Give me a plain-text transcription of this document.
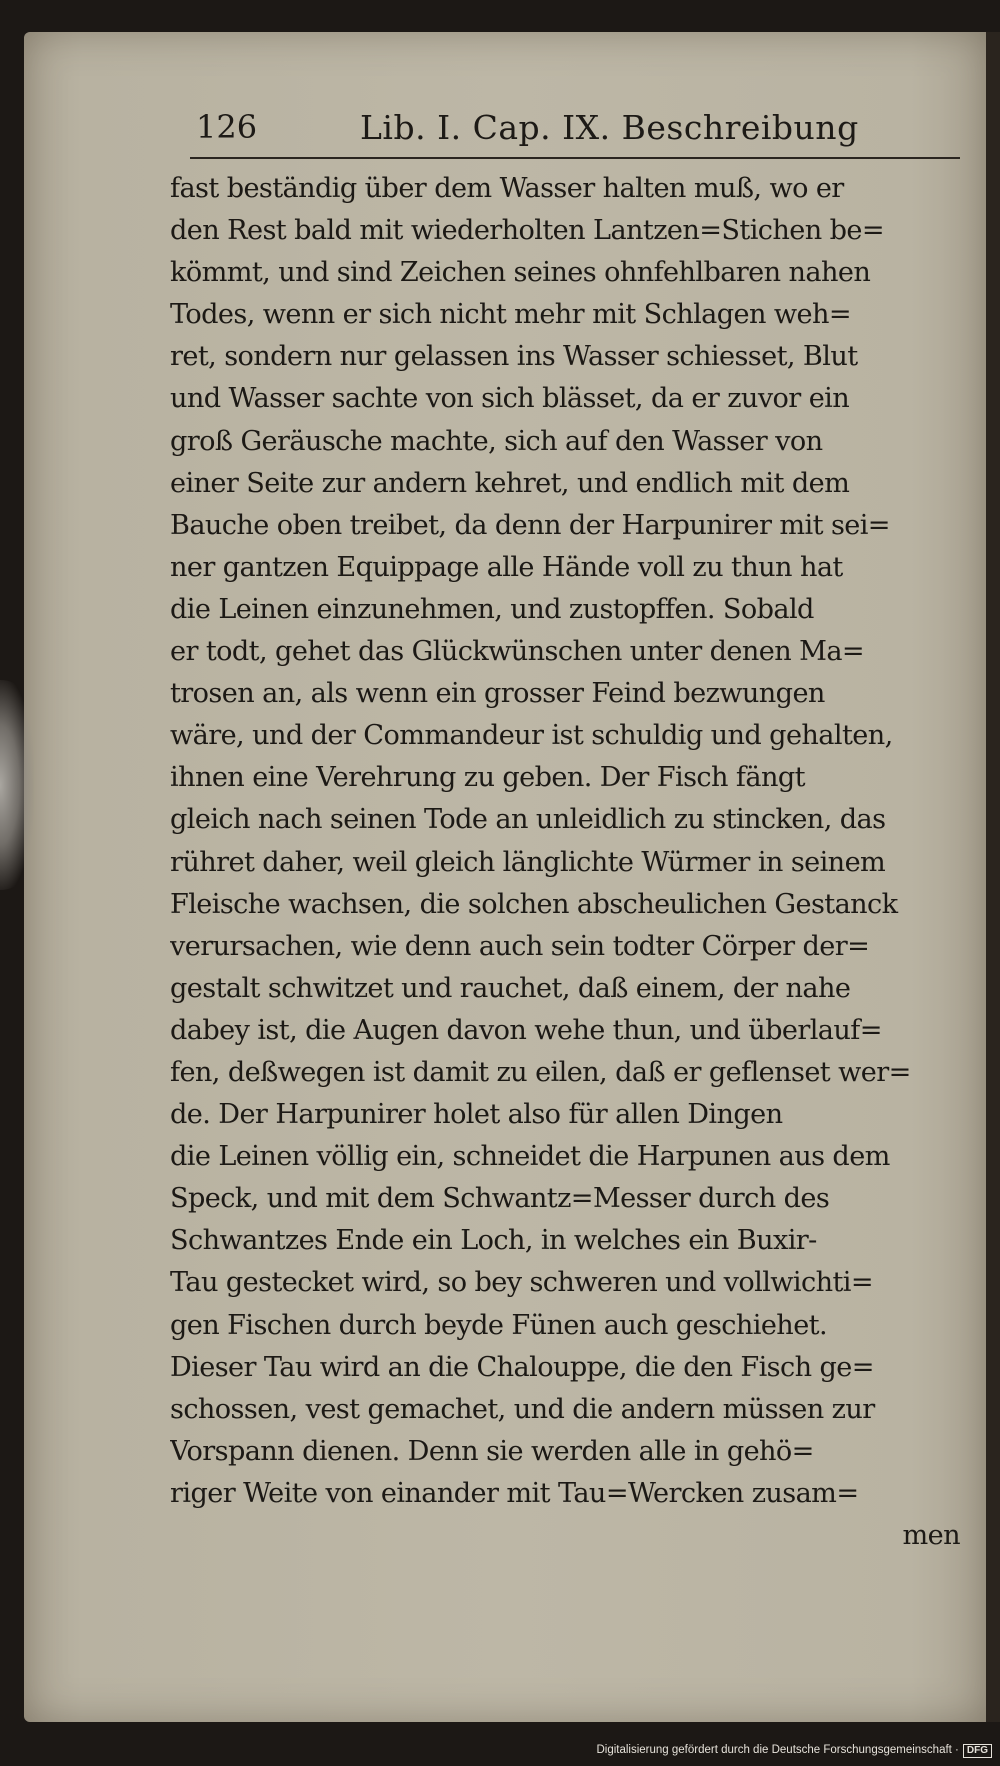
126	Lib. I. Cap. IX. Beschreibung
fast beständig über dem Wasser halten muß, wo er
den Rest bald mit wiederholten Lantzen=Stichen be=
kömmt, und sind Zeichen seines ohnfehlbaren nahen
Todes, wenn er sich nicht mehr mit Schlagen weh=
ret, sondern nur gelassen ins Wasser schiesset, Blut
und Wasser sachte von sich blässet, da er zuvor ein
groß Geräusche machte, sich auf den Wasser von
einer Seite zur andern kehret, und endlich mit dem
Bauche oben treibet, da denn der Harpunirer mit sei=
ner gantzen Equippage alle Hände voll zu thun hat
die Leinen einzunehmen, und zustopffen. Sobald
er todt, gehet das Glückwünschen unter denen Ma=
trosen an, als wenn ein grosser Feind bezwungen
wäre, und der Commandeur ist schuldig und gehalten,
ihnen eine Verehrung zu geben. Der Fisch fängt
gleich nach seinen Tode an unleidlich zu stincken, das
rühret daher, weil gleich länglichte Würmer in seinem
Fleische wachsen, die solchen abscheulichen Gestanck
verursachen, wie denn auch sein todter Cörper der=
gestalt schwitzet und rauchet, daß einem, der nahe
dabey ist, die Augen davon wehe thun, und überlauf=
fen, deßwegen ist damit zu eilen, daß er geflenset wer=
de. Der Harpunirer holet also für allen Dingen
die Leinen völlig ein, schneidet die Harpunen aus dem
Speck, und mit dem Schwantz=Messer durch des
Schwantzes Ende ein Loch, in welches ein Buxir-
Tau gestecket wird, so bey schweren und vollwichti=
gen Fischen durch beyde Fünen auch geschiehet.
Dieser Tau wird an die Chalouppe, die den Fisch ge=
schossen, vest gemachet, und die andern müssen zur
Vorspann dienen. Denn sie werden alle in gehö=
riger Weite von einander mit Tau=Wercken zusam=
men
Digitalisierung gefördert durch die Deutsche Forschungsgemeinschaft · DFG
